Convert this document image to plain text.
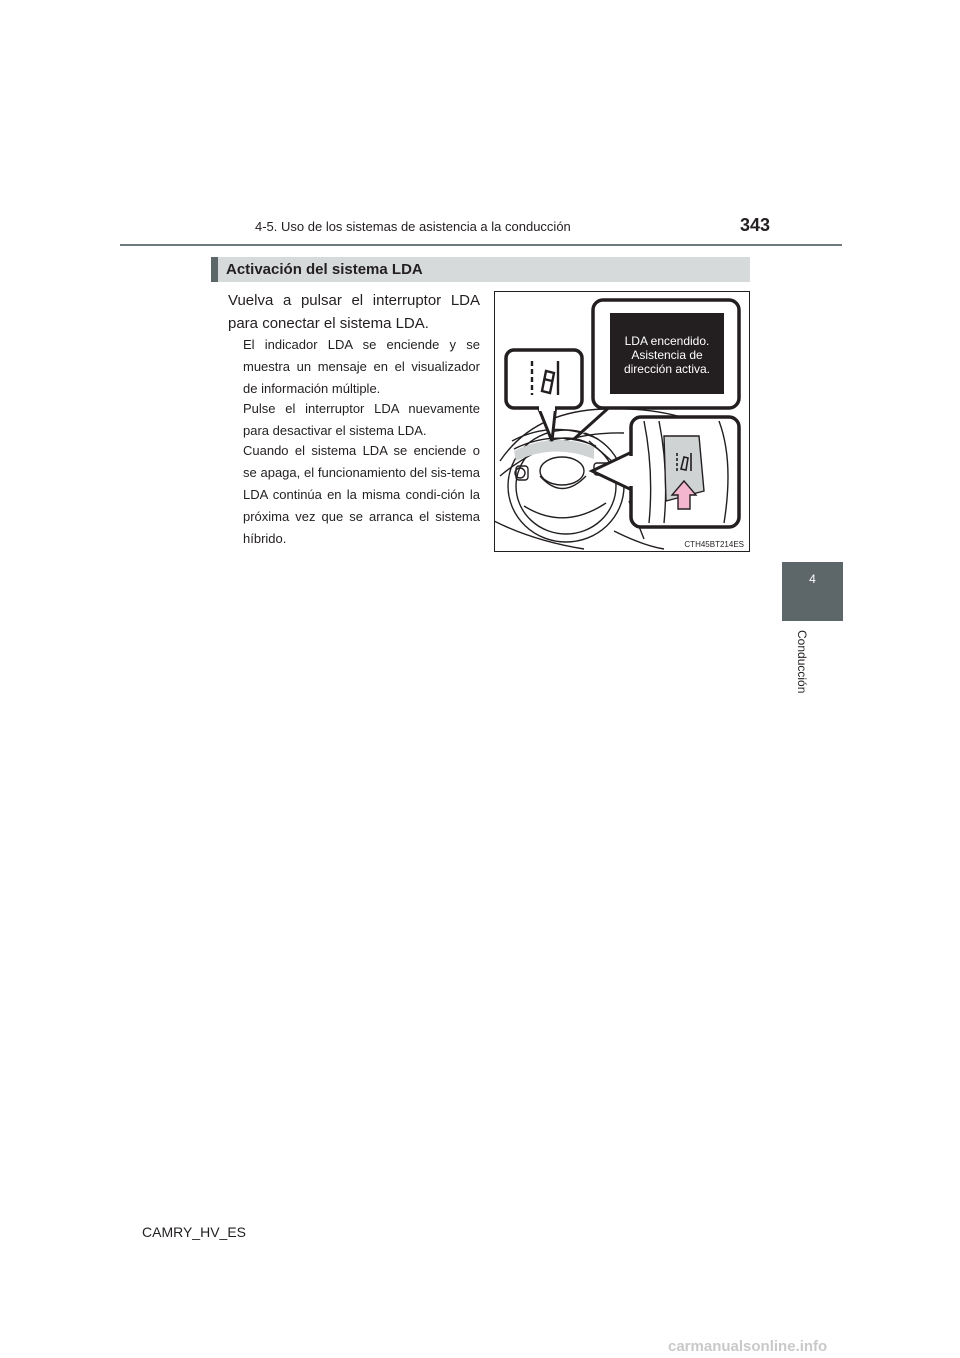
4-5. Uso de los sistemas de asistencia a la conducción	343
4
Conducción
Activación del sistema LDA
Vuelva a pulsar el interruptor LDA para conectar el sistema LDA.
El indicador LDA se enciende y se muestra un mensaje en el visualizador de información múltiple.
Pulse el interruptor LDA nuevamente para desactivar el sistema LDA.
Cuando el sistema LDA se enciende o se apaga, el funcionamiento del sis-tema LDA continúa en la misma condi-ción la próxima vez que se arranca el sistema híbrido.
LDA encendido.
Asistencia de
dirección activa.
CTH45BT214ES
CAMRY_HV_ES
carmanualsonline.info
